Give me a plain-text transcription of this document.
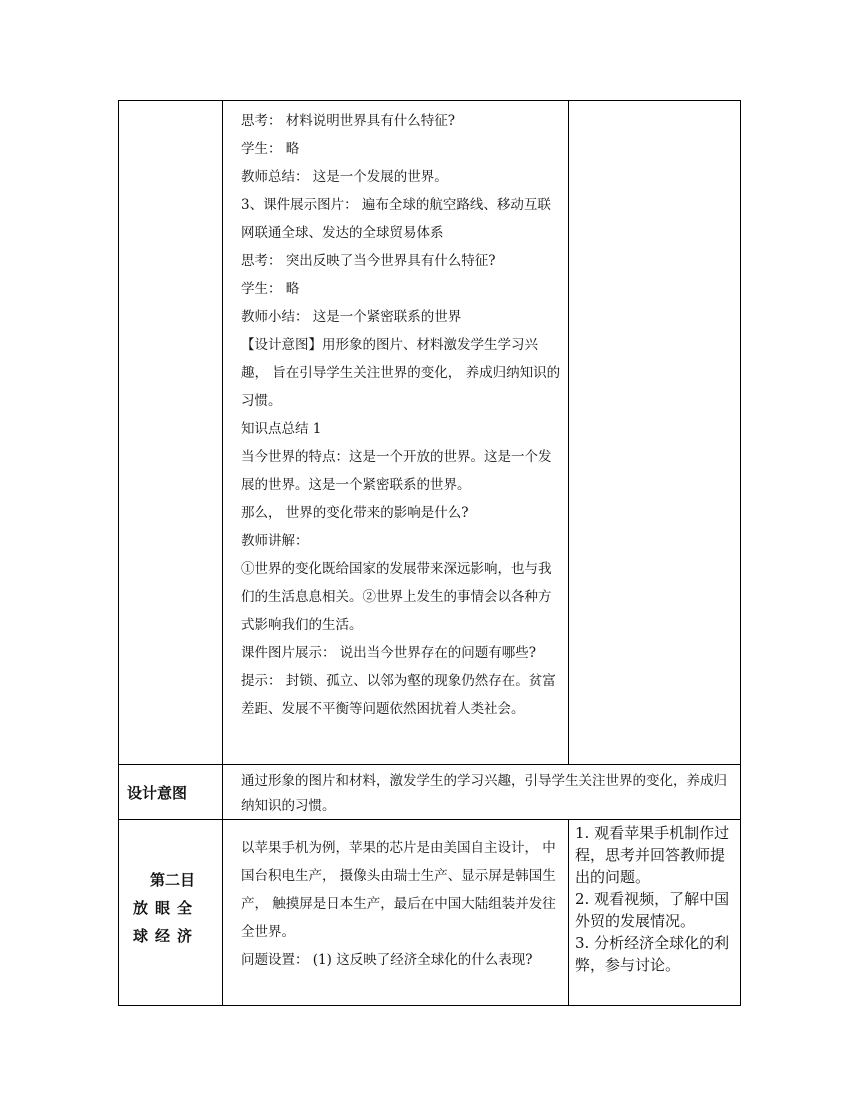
思考： 材料说明世界具有什么特征?

学生： 略

教师总结： 这是一个发展的世界。

3、课件展示图片： 遍布全球的航空路线、移动互联网联通全球、发达的全球贸易体系

思考： 突出反映了当今世界具有什么特征?

学生： 略

教师小结： 这是一个紧密联系的世界

【设计意图】用形象的图片、材料激发学生学习兴趣， 旨在引导学生关注世界的变化， 养成归纳知识的习惯。

知识点总结 1

当今世界的特点：这是一个开放的世界。这是一个发展的世界。这是一个紧密联系的世界。

那么， 世界的变化带来的影响是什么?

教师讲解：

①世界的变化既给国家的发展带来深远影响，也与我们的生活息息相关。②世界上发生的事情会以各种方式影响我们的生活。

课件图片展示： 说出当今世界存在的问题有哪些?

提示： 封锁、孤立、以邻为壑的现象仍然存在。贫富差距、发展不平衡等问题依然困扰着人类社会。

设计意图

通过形象的图片和材料，激发学生的学习兴趣，引导学生关注世界的变化，养成归纳知识的习惯。

第二目
放眼全球经济

以苹果手机为例，苹果的芯片是由美国自主设计， 中国台积电生产， 摄像头由瑞士生产、显示屏是韩国生产， 触摸屏是日本生产，最后在中国大陆组装并发往全世界。

问题设置： (1) 这反映了经济全球化的什么表现?

1. 观看苹果手机制作过程，思考并回答教师提出的问题。

2. 观看视频，了解中国外贸的发展情况。

3. 分析经济全球化的利弊，参与讨论。
